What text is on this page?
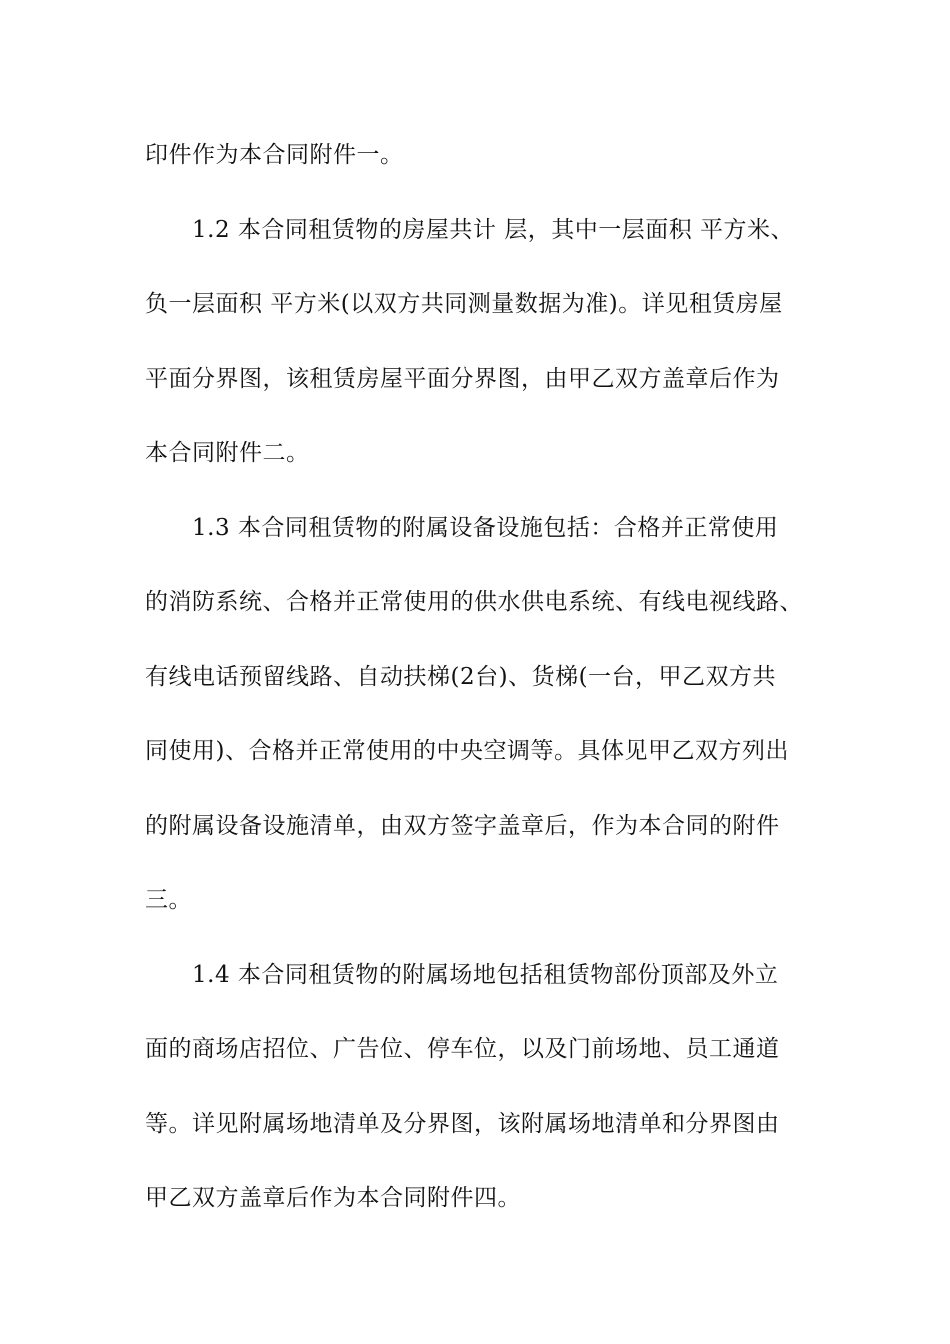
印件作为本合同附件一。
1.2 本合同租赁物的房屋共计 层，其中一层面积 平方米、
负一层面积 平方米(以双方共同测量数据为准)。详见租赁房屋
平面分界图，该租赁房屋平面分界图，由甲乙双方盖章后作为
本合同附件二。
1.3 本合同租赁物的附属设备设施包括：合格并正常使用
的消防系统、合格并正常使用的供水供电系统、有线电视线路、
有线电话预留线路、自动扶梯(2台)、货梯(一台，甲乙双方共
同使用)、合格并正常使用的中央空调等。具体见甲乙双方列出
的附属设备设施清单，由双方签字盖章后，作为本合同的附件
三。
1.4 本合同租赁物的附属场地包括租赁物部份顶部及外立
面的商场店招位、广告位、停车位，以及门前场地、员工通道
等。详见附属场地清单及分界图，该附属场地清单和分界图由
甲乙双方盖章后作为本合同附件四。
